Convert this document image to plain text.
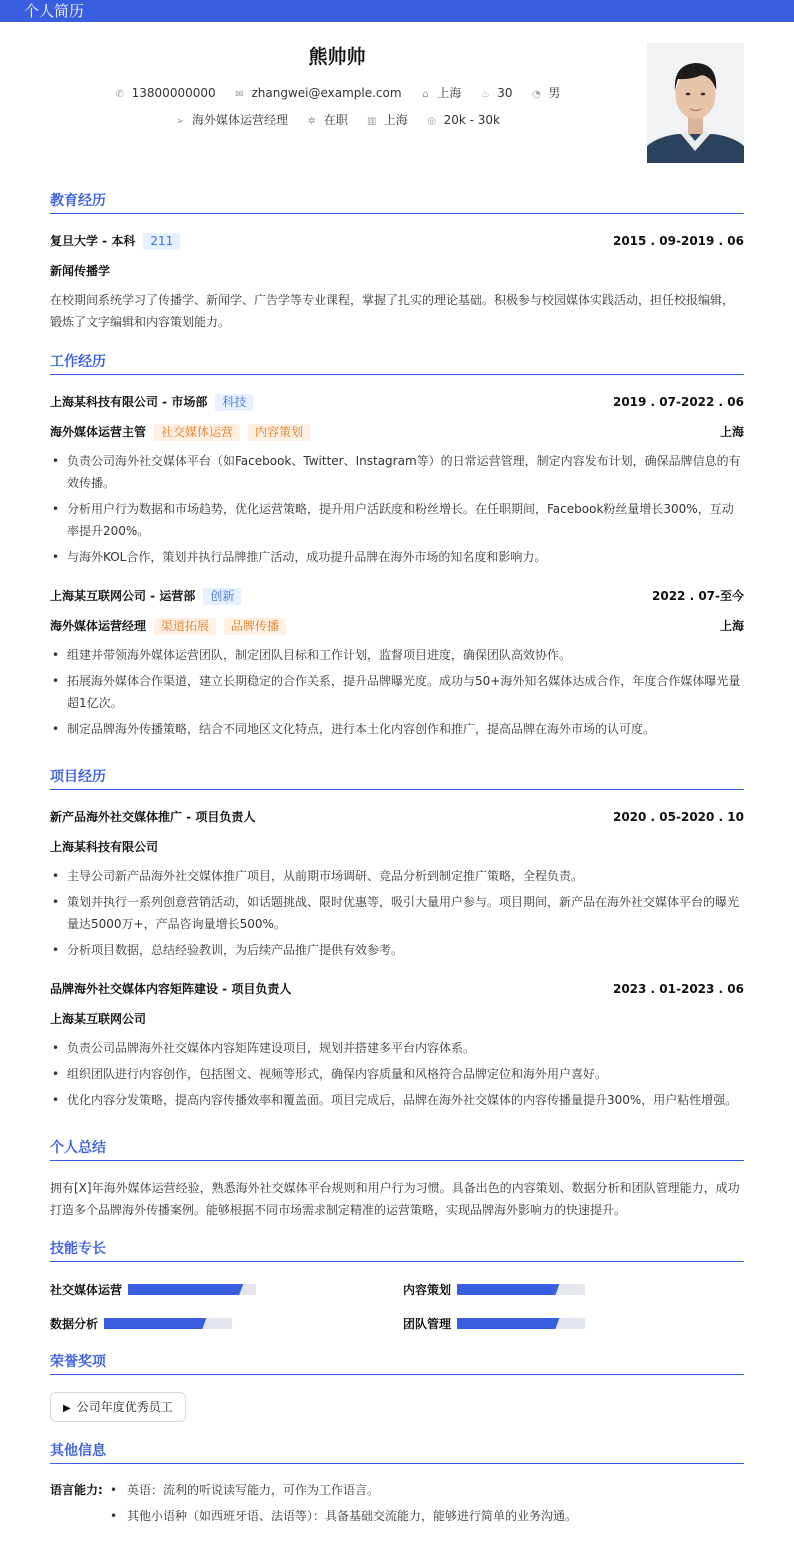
个人简历
熊帅帅
✆ 13800000000 ✉ zhangwei@example.com ⌂ 上海 ♨ 30 ◔ 男
➢ 海外媒体运营经理 ✲ 在职 ▥ 上海 ◎ 20k - 30k
教育经历
复旦大学 - 本科 211	2015 . 09-2019 . 06
新闻传播学
在校期间系统学习了传播学、新闻学、广告学等专业课程，掌握了扎实的理论基础。积极参与校园媒体实践活动，担任校报编辑，锻炼了文字编辑和内容策划能力。
工作经历
上海某科技有限公司 - 市场部 科技	2019 . 07-2022 . 06
海外媒体运营主管 社交媒体运营 内容策划	上海
• 负责公司海外社交媒体平台（如Facebook、Twitter、Instagram等）的日常运营管理，制定内容发布计划，确保品牌信息的有效传播。
• 分析用户行为数据和市场趋势，优化运营策略，提升用户活跃度和粉丝增长。在任职期间，Facebook粉丝量增长300%，互动率提升200%。
• 与海外KOL合作，策划并执行品牌推广活动，成功提升品牌在海外市场的知名度和影响力。
上海某互联网公司 - 运营部 创新	2022 . 07-至今
海外媒体运营经理 渠道拓展 品牌传播	上海
• 组建并带领海外媒体运营团队，制定团队目标和工作计划，监督项目进度，确保团队高效协作。
• 拓展海外媒体合作渠道，建立长期稳定的合作关系，提升品牌曝光度。成功与50+海外知名媒体达成合作，年度合作媒体曝光量超1亿次。
• 制定品牌海外传播策略，结合不同地区文化特点，进行本土化内容创作和推广，提高品牌在海外市场的认可度。
项目经历
新产品海外社交媒体推广 - 项目负责人	2020 . 05-2020 . 10
上海某科技有限公司
• 主导公司新产品海外社交媒体推广项目，从前期市场调研、竞品分析到制定推广策略，全程负责。
• 策划并执行一系列创意营销活动，如话题挑战、限时优惠等，吸引大量用户参与。项目期间，新产品在海外社交媒体平台的曝光量达5000万+，产品咨询量增长500%。
• 分析项目数据，总结经验教训，为后续产品推广提供有效参考。
品牌海外社交媒体内容矩阵建设 - 项目负责人	2023 . 01-2023 . 06
上海某互联网公司
• 负责公司品牌海外社交媒体内容矩阵建设项目，规划并搭建多平台内容体系。
• 组织团队进行内容创作，包括图文、视频等形式，确保内容质量和风格符合品牌定位和海外用户喜好。
• 优化内容分发策略，提高内容传播效率和覆盖面。项目完成后，品牌在海外社交媒体的内容传播量提升300%，用户粘性增强。
个人总结
拥有[X]年海外媒体运营经验，熟悉海外社交媒体平台规则和用户行为习惯。具备出色的内容策划、数据分析和团队管理能力，成功打造多个品牌海外传播案例。能够根据不同市场需求制定精准的运营策略，实现品牌海外影响力的快速提升。
技能专长
社交媒体运营	内容策划
数据分析	团队管理
荣誉奖项
▶ 公司年度优秀员工
其他信息
语言能力:
•	英语：流利的听说读写能力，可作为工作语言。
• 其他小语种（如西班牙语、法语等）：具备基础交流能力，能够进行简单的业务沟通。
